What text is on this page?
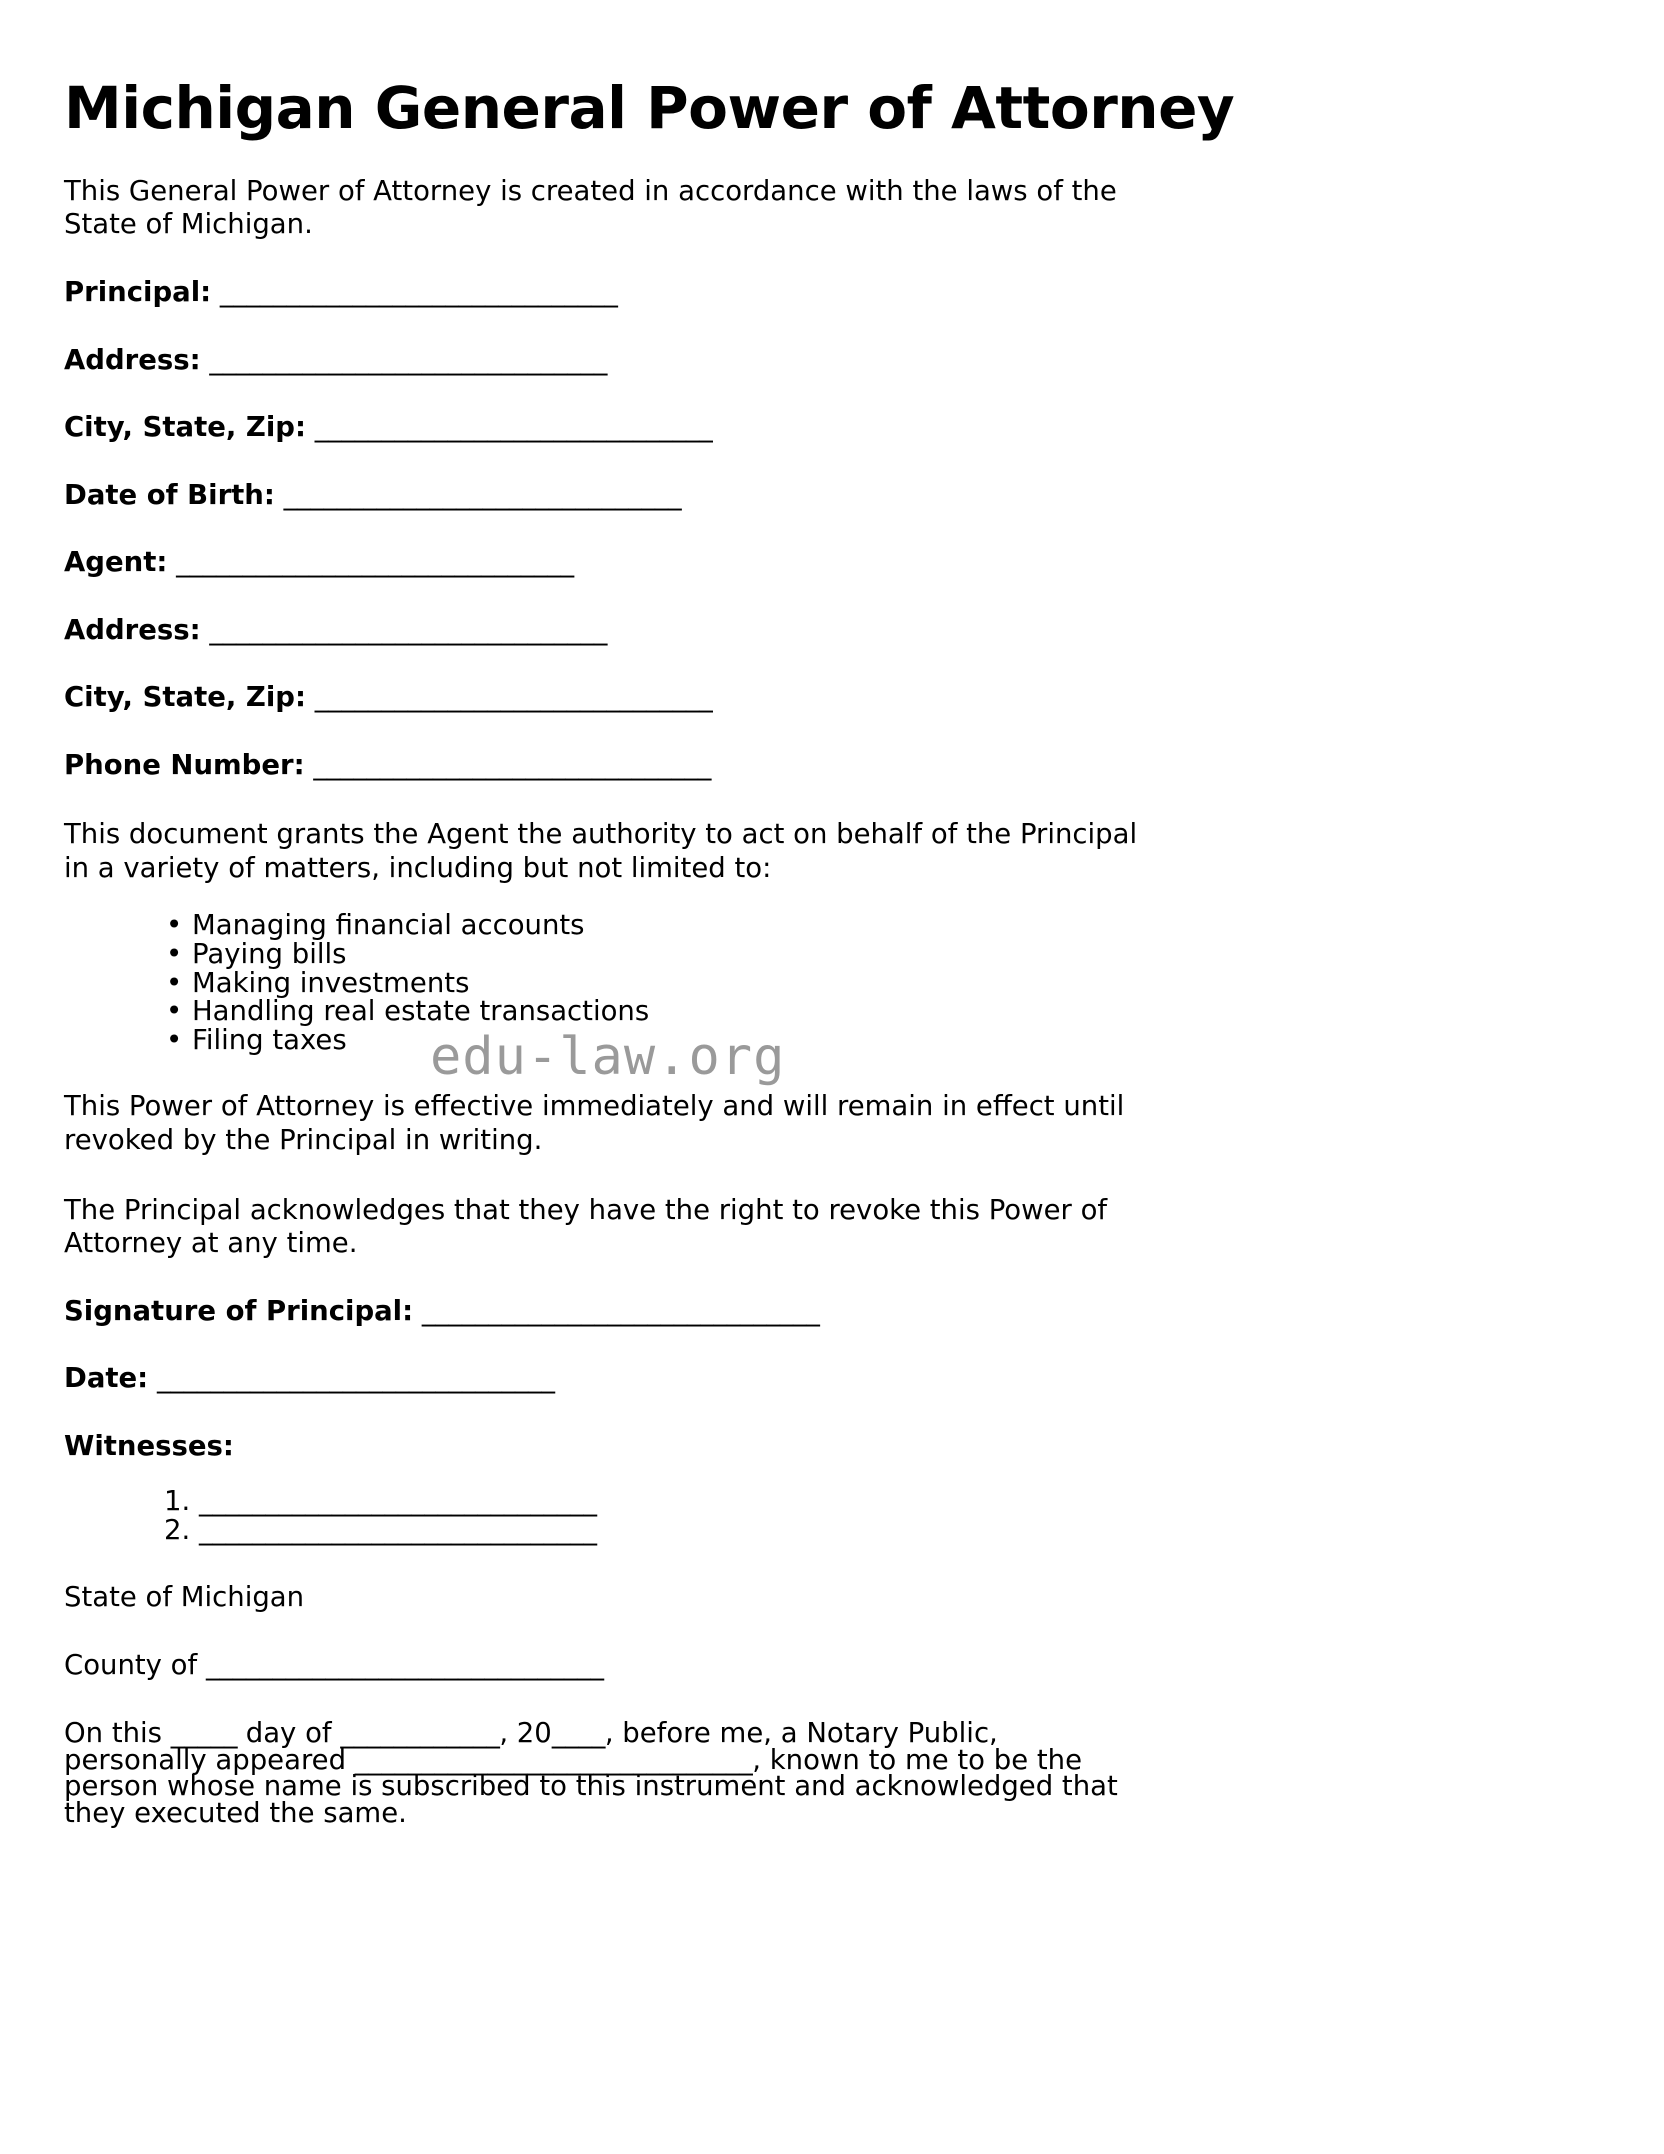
edu-law.org
Michigan General Power of Attorney

This General Power of Attorney is created in accordance with the laws of the State of Michigan.

Principal: ______________________________
Address: ______________________________
City, State, Zip: ______________________________
Date of Birth: ______________________________
Agent: ______________________________
Address: ______________________________
City, State, Zip: ______________________________
Phone Number: ______________________________

This document grants the Agent the authority to act on behalf of the Principal in a variety of matters, including but not limited to:

• Managing financial accounts
• Paying bills
• Making investments
• Handling real estate transactions
• Filing taxes

This Power of Attorney is effective immediately and will remain in effect until revoked by the Principal in writing.

The Principal acknowledges that they have the right to revoke this Power of Attorney at any time.

Signature of Principal: ______________________________
Date: ______________________________
Witnesses:
1. ______________________________
2. ______________________________

State of Michigan

County of ______________________________

On this _____ day of ____________, 20____, before me, a Notary Public, personally appeared ______________________________, known to me to be the person whose name is subscribed to this instrument and acknowledged that they executed the same.
